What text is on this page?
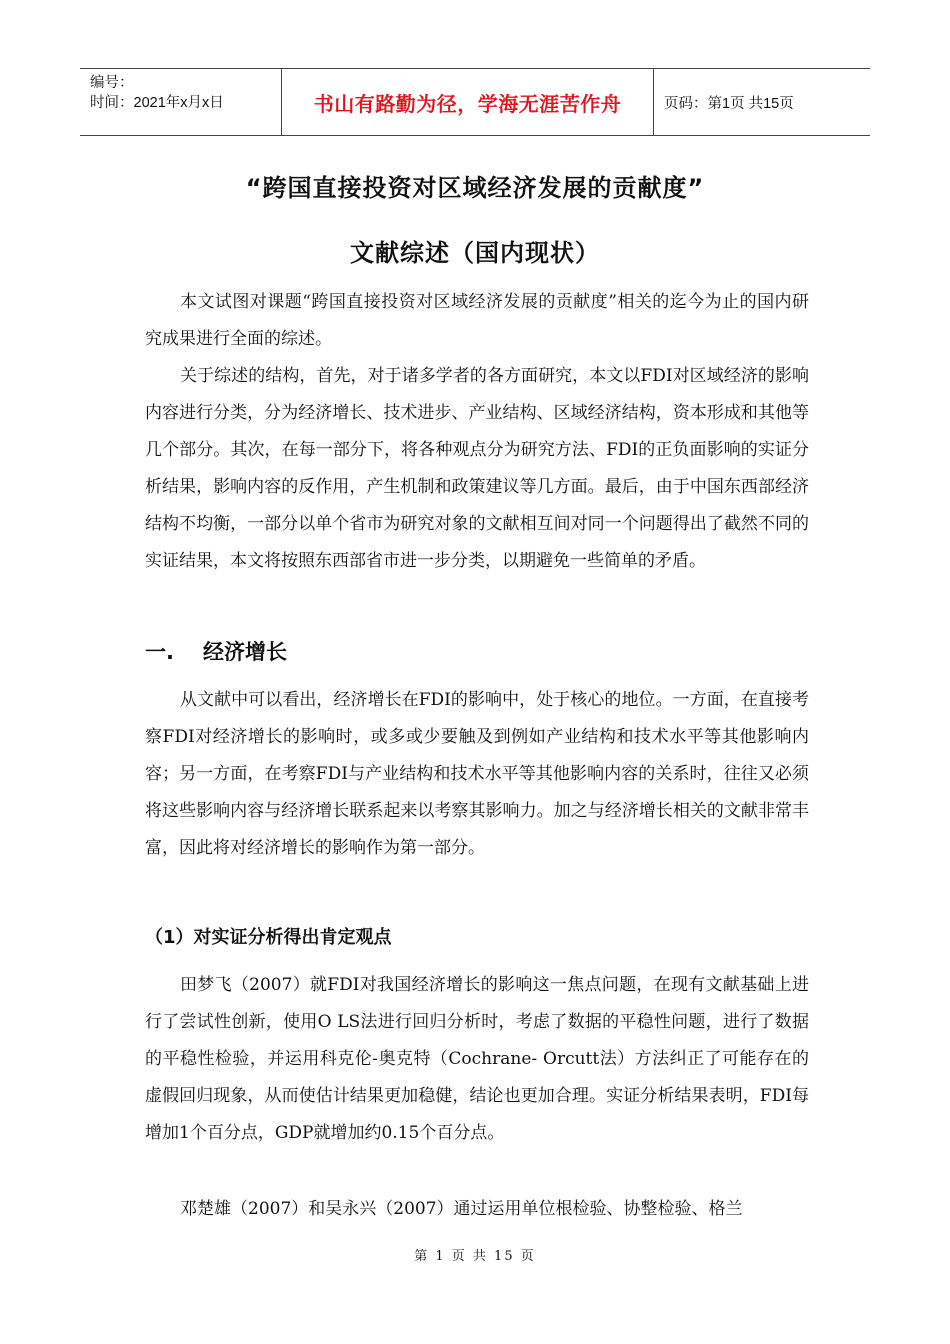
编号：
时间：2021年x月x日	书山有路勤为径，学海无涯苦作舟	页码：第1页 共15页
“跨国直接投资对区域经济发展的贡献度”
文献综述（国内现状）

本文试图对课题“跨国直接投资对区域经济发展的贡献度”相关的迄今为止的国内研究成果进行全面的综述。

关于综述的结构，首先，对于诸多学者的各方面研究，本文以FDI对区域经济的影响内容进行分类，分为经济增长、技术进步、产业结构、区域经济结构，资本形成和其他等几个部分。其次，在每一部分下，将各种观点分为研究方法、FDI的正负面影响的实证分析结果，影响内容的反作用，产生机制和政策建议等几方面。最后，由于中国东西部经济结构不均衡，一部分以单个省市为研究对象的文献相互间对同一个问题得出了截然不同的实证结果，本文将按照东西部省市进一步分类，以期避免一些简单的矛盾。

一. 经济增长

从文献中可以看出，经济增长在FDI的影响中，处于核心的地位。一方面，在直接考察FDI对经济增长的影响时，或多或少要触及到例如产业结构和技术水平等其他影响内容；另一方面，在考察FDI与产业结构和技术水平等其他影响内容的关系时，往往又必须将这些影响内容与经济增长联系起来以考察其影响力。加之与经济增长相关的文献非常丰富，因此将对经济增长的影响作为第一部分。

（1）对实证分析得出肯定观点

田梦飞（2007）就FDI对我国经济增长的影响这一焦点问题，在现有文献基础上进行了尝试性创新，使用O LS法进行回归分析时，考虑了数据的平稳性问题，进行了数据的平稳性检验，并运用科克伦-奥克特（Cochrane- Orcutt法）方法纠正了可能存在的虚假回归现象，从而使估计结果更加稳健，结论也更加合理。实证分析结果表明，FDI每增加1个百分点，GDP就增加约0.15个百分点。

邓楚雄（2007）和吴永兴（2007）通过运用单位根检验、协整检验、格兰

第 1 页 共 15 页
